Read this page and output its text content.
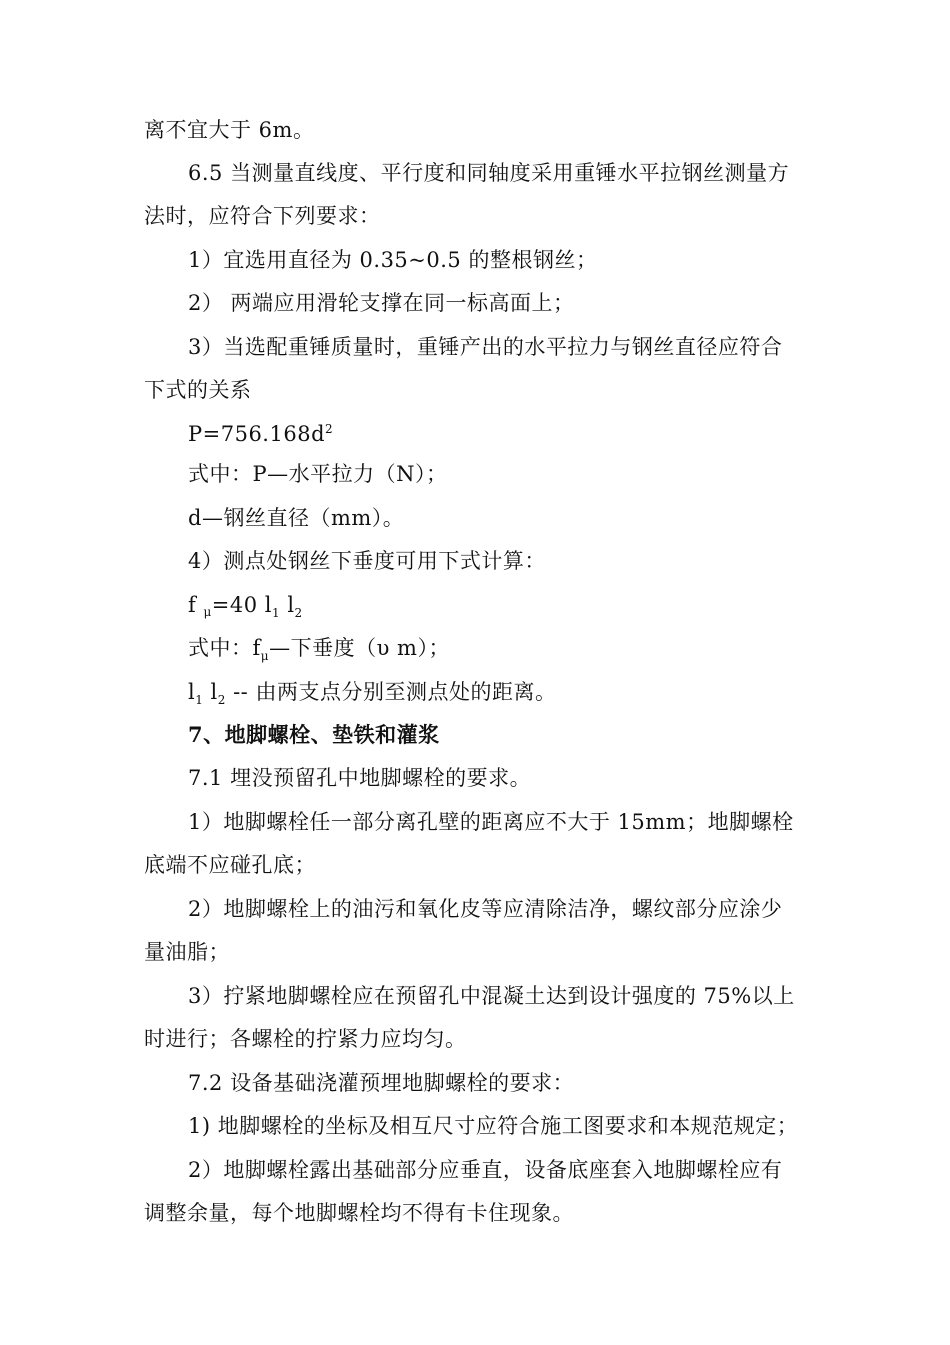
离不宜大于 6m。
6.5 当测量直线度、平行度和同轴度采用重锤水平拉钢丝测量方
法时，应符合下列要求：
1）宜选用直径为 0.35~0.5 的整根钢丝；
2） 两端应用滑轮支撑在同一标高面上；
3）当选配重锤质量时，重锤产出的水平拉力与钢丝直径应符合
下式的关系
$P=756.168d^2$
式中：P—水平拉力（N）；
d—钢丝直径（mm）。
4）测点处钢丝下垂度可用下式计算：
f μ=40 $l_1$ $l_2$
式中：$f_\mu—$下垂度（υ m）；
$l_1$ $l_2$ -- 由两支点分别至测点处的距离。
7、地脚螺栓、垫铁和灌浆
7.1 埋没预留孔中地脚螺栓的要求。
1）地脚螺栓任一部分离孔壁的距离应不大于 15mm；地脚螺栓
底端不应碰孔底；
2）地脚螺栓上的油污和氧化皮等应清除洁净，螺纹部分应涂少
量油脂；
3）拧紧地脚螺栓应在预留孔中混凝土达到设计强度的 75%以上
时进行；各螺栓的拧紧力应均匀。
7.2 设备基础浇灌预埋地脚螺栓的要求：
1) 地脚螺栓的坐标及相互尺寸应符合施工图要求和本规范规定；
2）地脚螺栓露出基础部分应垂直，设备底座套入地脚螺栓应有
调整余量，每个地脚螺栓均不得有卡住现象。
